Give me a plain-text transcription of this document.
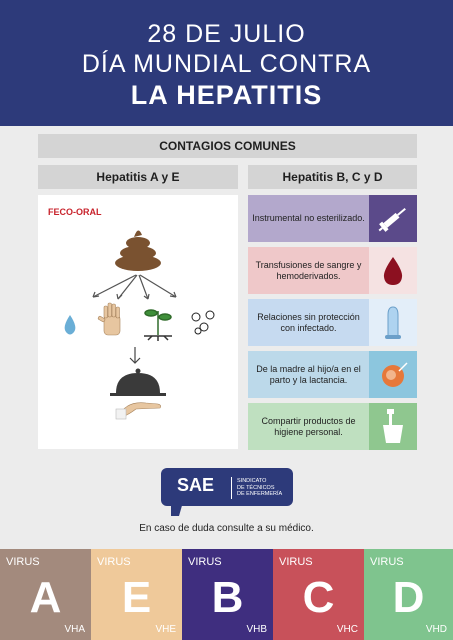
28 DE JULIO
DÍA MUNDIAL CONTRA
LA HEPATITIS
CONTAGIOS COMUNES
Hepatitis A y E	Hepatitis B, C y D
FECO-ORAL
Instrumental no esterilizado.
Transfusiones de sangre y hemoderivados.
Relaciones sin protección con infectado.
De la madre al hijo/a en el parto y la lactancia.
Compartir productos de higiene personal.
SAE	SINDICATO
DE TÉCNICOS
DE ENFERMERÍA
En caso de duda consulte a su médico.
VIRUS
A
VHA
VIRUS
E
VHE
VIRUS
B
VHB
VIRUS
C
VHC
VIRUS
D
VHD
